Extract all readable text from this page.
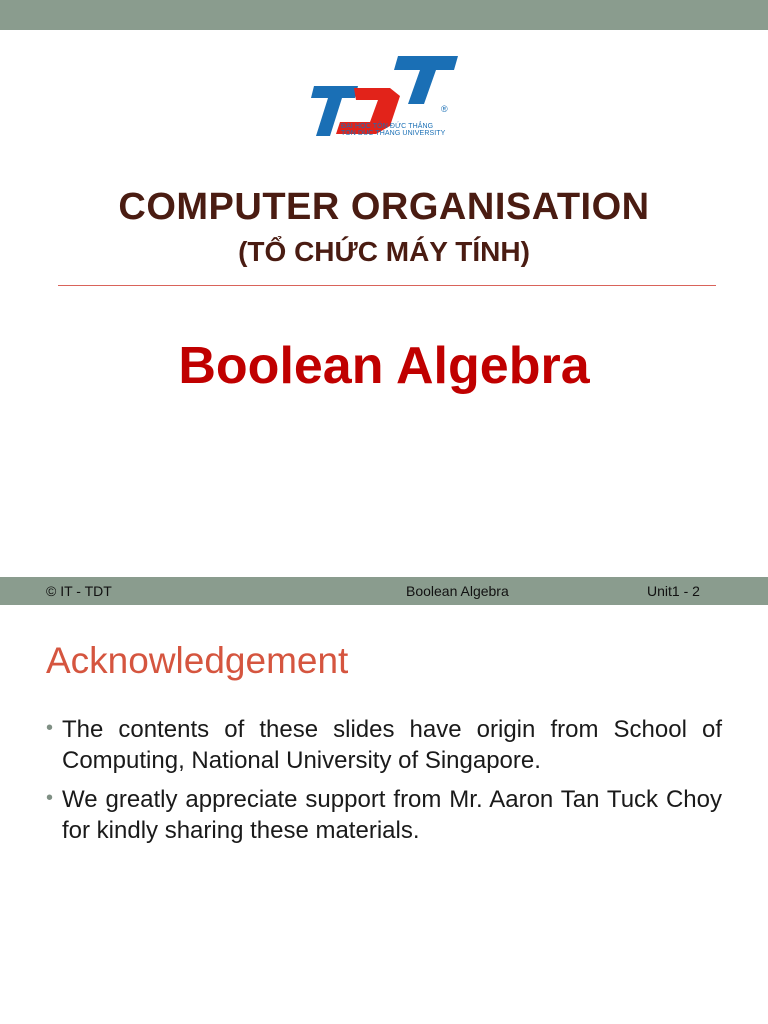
®
ĐẠI HỌC TÔN ĐỨC THẮNG
TON DUC THANG UNIVERSITY
COMPUTER ORGANISATION
(TỔ CHỨC MÁY TÍNH)
Boolean Algebra
© IT - TDT	Boolean Algebra	Unit1 - 2
Acknowledgement
• The contents of these slides have origin from School of Computing, National University of Singapore.
• We greatly appreciate support from Mr. Aaron Tan Tuck Choy for kindly sharing these materials.
